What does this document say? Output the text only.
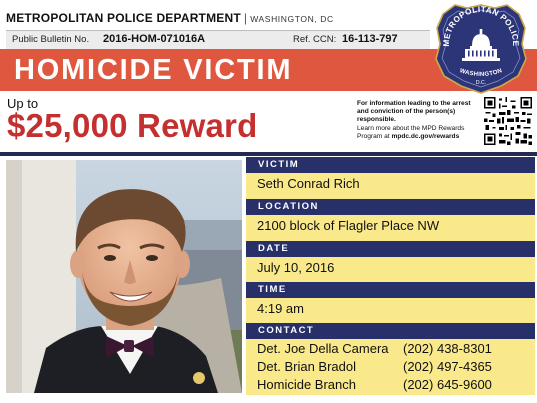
METROPOLITAN POLICE DEPARTMENT | WASHINGTON, DC
Public Bulletin No. 2016-HOM-071016A	Ref. CCN: 16-113-797
HOMICIDE VICTIM
METROPOLITAN POLICE
WASHINGTON
D.C.
Up to
$25,000 Reward
For information leading to the arrest
and conviction of the person(s)
responsible.
Learn more about the MPD Rewards
Program at mpdc.dc.gov/rewards
VICTIM
Seth Conrad Rich
LOCATION
2100 block of Flagler Place NW
DATE
July 10, 2016
TIME
4:19 am
CONTACT
Det. Joe Della Camera (202) 438-8301
Det. Brian Bradol	(202) 497-4365
Homicide Branch	(202) 645-9600
